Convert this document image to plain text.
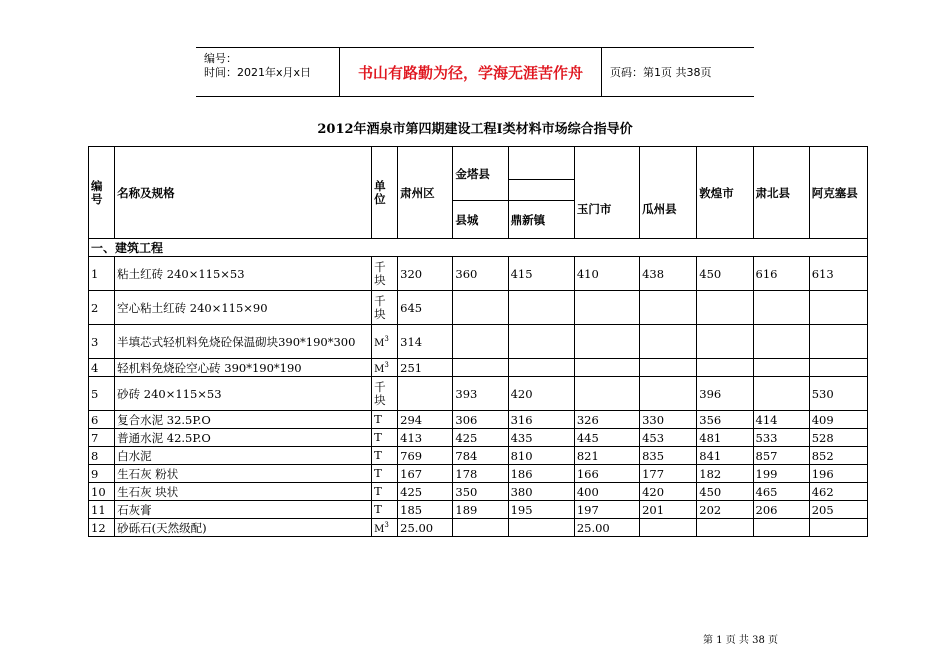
编号：
时间：2021年x月x日	书山有路勤为径，学海无涯苦作舟	页码：第1页 共38页
2012年酒泉市第四期建设工程Ⅰ类材料市场综合指导价
编号	名称及规格	单位	肃州区	金塔县				敦煌市	肃北县	阿克塞县
						玉门市	瓜州县			
				县城	鼎新镇					
一、建筑工程										
1	粘土红砖 240×115×53	千块	320	360	415	410	438	450	616	613
2	空心粘土红砖 240×115×90	千块	645							
3	半填芯式轻机料免烧砼保温砌块390*190*300	$M^3$	314							
4	轻机料免烧砼空心砖 390*190*190	$M^3$	251							
5	砂砖 240×115×53	千块		393	420			396		530
6	复合水泥 32.5P.O	T	294	306	316	326	330	356	414	409
7	普通水泥 42.5P.O	T	413	425	435	445	453	481	533	528
8	白水泥	T	769	784	810	821	835	841	857	852
9	生石灰 粉状	T	167	178	186	166	177	182	199	196
10	生石灰 块状	T	425	350	380	400	420	450	465	462
11	石灰膏	T	185	189	195	197	201	202	206	205
12	砂砾石(天然级配)	$M^3$	25.00			25.00				
第 1 页 共 38 页
